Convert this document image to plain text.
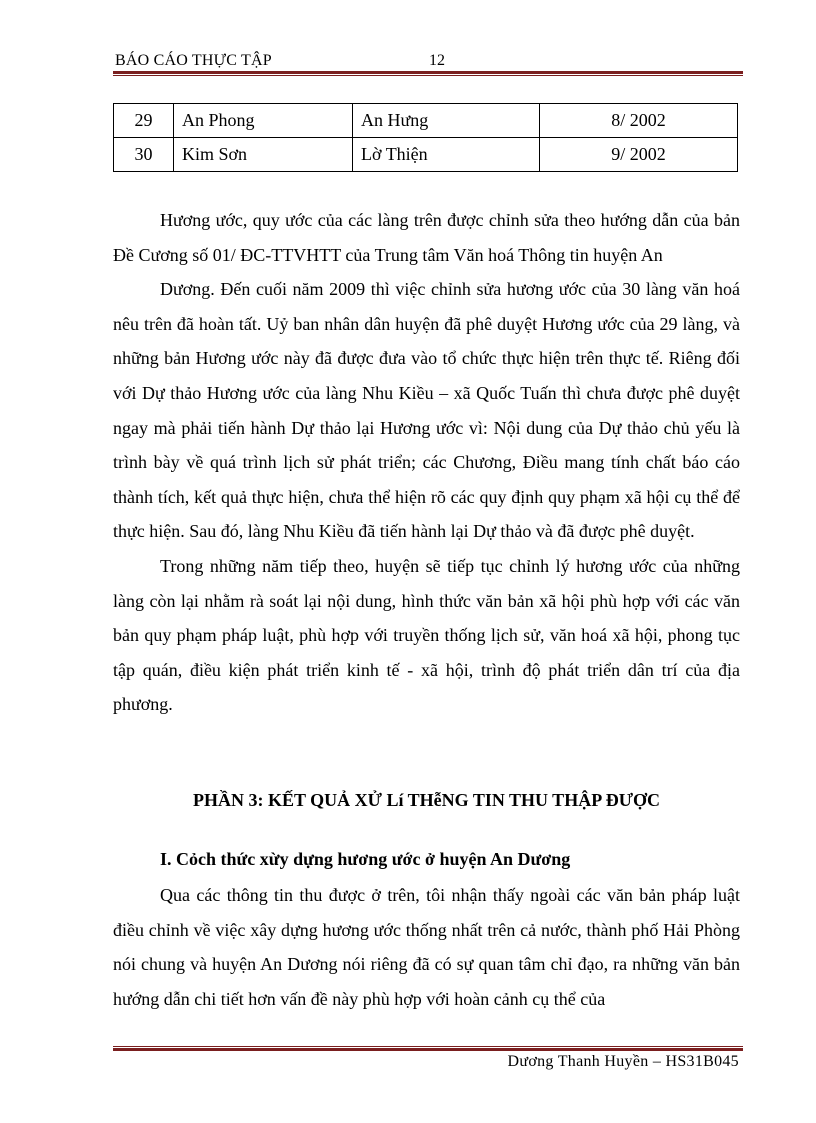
BÁO CÁO THỰC TẬP	12
29	An Phong	An Hưng	8/ 2002
30	Kim Sơn	Lờ Thiện	9/ 2002

Hương ước, quy ước của các làng trên được chỉnh sửa theo hướng dẫn của bản Đề Cương số 01/ ĐC-TTVHTT của Trung tâm Văn hoá Thông tin huyện An

Dương. Đến cuối năm 2009 thì việc chỉnh sửa hương ước của 30 làng văn hoá nêu trên đã hoàn tất. Uỷ ban nhân dân huyện đã phê duyệt Hương ước của 29 làng, và những bản Hương ước này đã được đưa vào tổ chức thực hiện trên thực tế. Riêng đối với Dự thảo Hương ước của làng Nhu Kiều – xã Quốc Tuấn thì chưa được phê duyệt ngay mà phải tiến hành Dự thảo lại Hương ước vì: Nội dung của Dự thảo chủ yếu là trình bày về quá trình lịch sử phát triển; các Chương, Điều mang tính chất báo cáo thành tích, kết quả thực hiện, chưa thể hiện rõ các quy định quy phạm xã hội cụ thể để thực hiện. Sau đó, làng Nhu Kiều đã tiến hành lại Dự thảo và đã được phê duyệt.

Trong những năm tiếp theo, huyện sẽ tiếp tục chỉnh lý hương ước của những làng còn lại nhằm rà soát lại nội dung, hình thức văn bản xã hội phù hợp với các văn bản quy phạm pháp luật, phù hợp với truyền thống lịch sử, văn hoá xã hội, phong tục tập quán, điều kiện phát triển kinh tế - xã hội, trình độ phát triển dân trí của địa phương.

PHẦN 3: KẾT QUẢ XỬ Lí THễNG TIN THU THẬP ĐƯỢC
I. Cỏch thức xừy dựng hương ước ở huyện An Dương

Qua các thông tin thu được ở trên, tôi nhận thấy ngoài các văn bản pháp luật điều chỉnh về việc xây dựng hương ước thống nhất trên cả nước, thành phố Hải Phòng nói chung và huyện An Dương nói riêng đã có sự quan tâm chỉ đạo, ra những văn bản hướng dẫn chi tiết hơn vấn đề này phù hợp với hoàn cảnh cụ thể của

Dương Thanh Huyền – HS31B045
